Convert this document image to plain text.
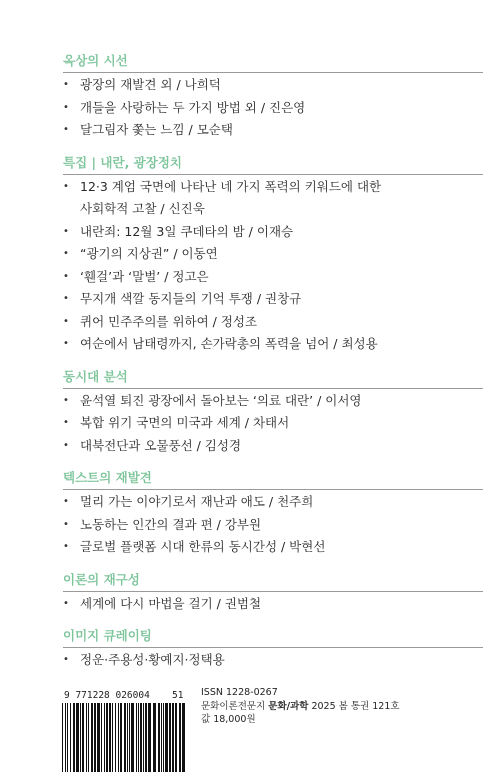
옥상의 시선
• 광장의 재발견 외 / 나희덕
• 개들을 사랑하는 두 가지 방법 외 / 진은영
• 달그림자 쫓는 느낌 / 모순택
특집 | 내란, 광장정치
• 12·3 계엄 국면에 나타난 네 가지 폭력의 키워드에 대한
사회학적 고찰 / 신진욱
• 내란죄: 12월 3일 쿠데타의 밤 / 이재승
• “광기의 지상권” / 이동연
• ‘휀걸’과 ‘말벌’ / 정고은
• 무지개 색깔 동지들의 기억 투쟁 / 권창규
• 퀴어 민주주의를 위하여 / 정성조
• 여순에서 남태령까지, 손가락총의 폭력을 넘어 / 최성용
동시대 분석
• 윤석열 퇴진 광장에서 돌아보는 ‘의료 대란’ / 이서영
• 복합 위기 국면의 미국과 세계 / 차태서
• 대북전단과 오물풍선 / 김성경
텍스트의 재발견
• 멀리 가는 이야기로서 재난과 애도 / 천주희
• 노동하는 인간의 결과 편 / 강부원
• 글로벌 플랫폼 시대 한류의 동시간성 / 박현선
이론의 재구성
• 세계에 다시 마법을 걸기 / 권범철
이미지 큐레이팅
• 정운·주용성·황예지·정택용
9 771228 026004 51 ISSN 1228-0267
문화이론전문지 문화/과학 2025 봄 통권 121호
값 18,000원
